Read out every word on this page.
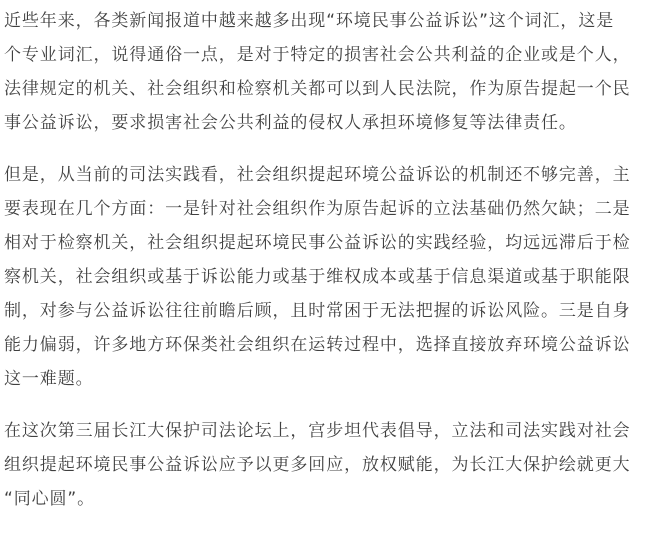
近些年来，各类新闻报道中越来越多出现“环境民事公益诉讼”这个词汇，这是
个专业词汇，说得通俗一点，是对于特定的损害社会公共利益的企业或是个人，
法律规定的机关、社会组织和检察机关都可以到人民法院，作为原告提起一个民
事公益诉讼，要求损害社会公共利益的侵权人承担环境修复等法律责任。
但是，从当前的司法实践看，社会组织提起环境公益诉讼的机制还不够完善，主
要表现在几个方面：一是针对社会组织作为原告起诉的立法基础仍然欠缺；二是
相对于检察机关，社会组织提起环境民事公益诉讼的实践经验，均远远滞后于检
察机关，社会组织或基于诉讼能力或基于维权成本或基于信息渠道或基于职能限
制，对参与公益诉讼往往前瞻后顾，且时常困于无法把握的诉讼风险。三是自身
能力偏弱，许多地方环保类社会组织在运转过程中，选择直接放弃环境公益诉讼
这一难题。
在这次第三届长江大保护司法论坛上，宫步坦代表倡导，立法和司法实践对社会
组织提起环境民事公益诉讼应予以更多回应，放权赋能，为长江大保护绘就更大
“同心圆”。
